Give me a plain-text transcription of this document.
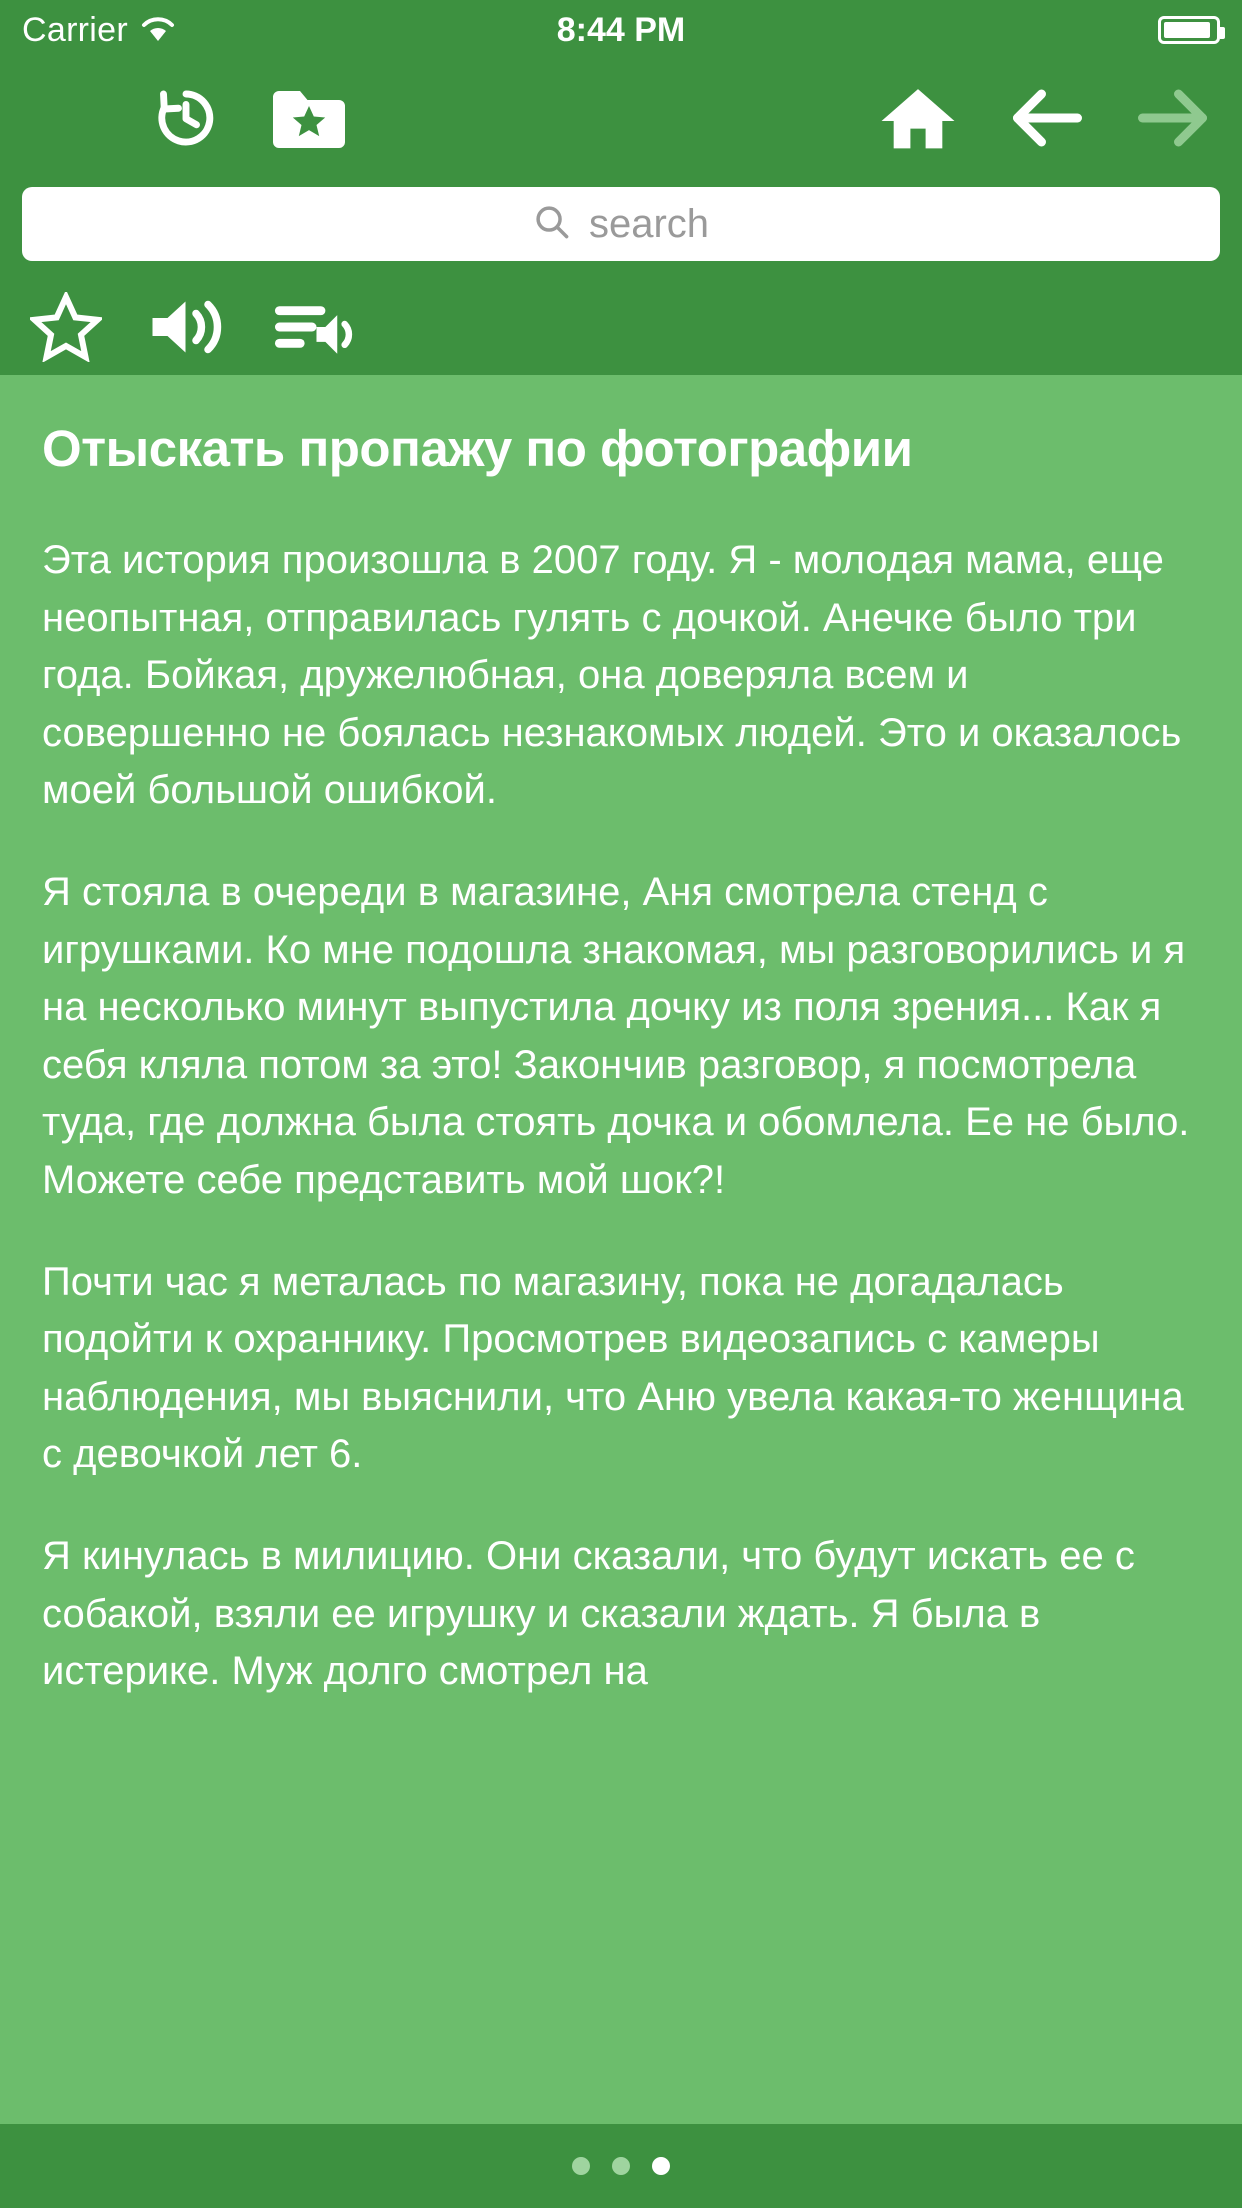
Carrier	8:44 PM
search
Отыскать пропажу по фотографии

Эта история произошла в 2007 году. Я - молодая мама, еще неопытная, отправилась гулять с дочкой. Анечке было три года. Бойкая, дружелюбная, она доверяла всем и совершенно не боялась незнакомых людей. Это и оказалось моей большой ошибкой.

Я стояла в очереди в магазине, Аня смотрела стенд с игрушками. Ко мне подошла знакомая, мы разговорились и я на несколько минут выпустила дочку из поля зрения... Как я себя кляла потом за это! Закончив разговор, я посмотрела туда, где должна была стоять дочка и обомлела. Ее не было. Можете себе представить мой шок?!

Почти час я металась по магазину, пока не догадалась подойти к охраннику. Просмотрев видеозапись с камеры наблюдения, мы выяснили, что Аню увела какая-то женщина с девочкой лет 6.

Я кинулась в милицию. Они сказали, что будут искать ее с собакой, взяли ее игрушку и сказали ждать. Я была в истерике. Муж долго смотрел на
